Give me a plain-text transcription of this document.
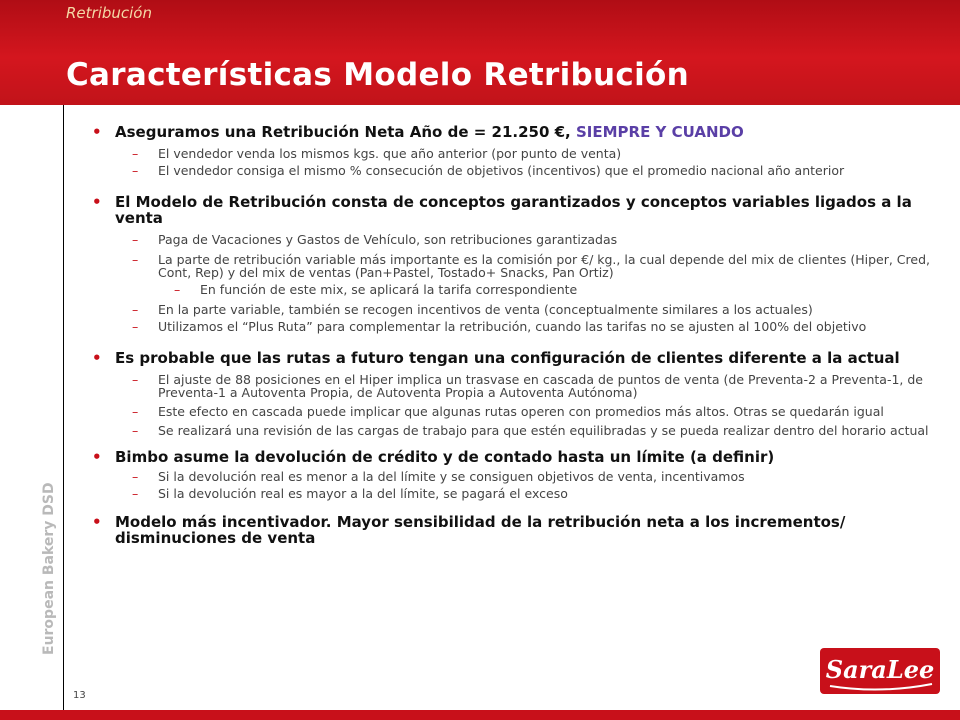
Retribución
Características Modelo Retribución
European Bakery DSD
• Aseguramos una Retribución Neta Año de = 21.250 €, SIEMPRE Y CUANDO
– El vendedor venda los mismos kgs. que año anterior (por punto de venta)
– El vendedor consiga el mismo % consecución de objetivos (incentivos) que el promedio nacional año anterior
• El Modelo de Retribución consta de conceptos garantizados y conceptos variables ligados a la venta
– Paga de Vacaciones y Gastos de Vehículo, son retribuciones garantizadas
– La parte de retribución variable más importante es la comisión por €/ kg., la cual depende del mix de clientes (Hiper, Cred, Cont, Rep) y del mix de ventas (Pan+Pastel, Tostado+ Snacks, Pan Ortiz)
– En función de este mix, se aplicará la tarifa correspondiente
– En la parte variable, también se recogen incentivos de venta (conceptualmente similares a los actuales)
– Utilizamos el “Plus Ruta” para complementar la retribución, cuando las tarifas no se ajusten al 100% del objetivo
• Es probable que las rutas a futuro tengan una configuración de clientes diferente a la actual
– El ajuste de 88 posiciones en el Hiper implica un trasvase en cascada de puntos de venta (de Preventa-2 a Preventa-1, de Preventa-1 a Autoventa Propia, de Autoventa Propia a Autoventa Autónoma)
– Este efecto en cascada puede implicar que algunas rutas operen con promedios más altos. Otras se quedarán igual
– Se realizará una revisión de las cargas de trabajo para que estén equilibradas y se pueda realizar dentro del horario actual
• Bimbo asume la devolución de crédito y de contado hasta un límite (a definir)
– Si la devolución real es menor a la del límite y se consiguen objetivos de venta, incentivamos
– Si la devolución real es mayor a la del límite, se pagará el exceso
• Modelo más incentivador. Mayor sensibilidad de la retribución neta a los incrementos/ disminuciones de venta
13
SaraLee
